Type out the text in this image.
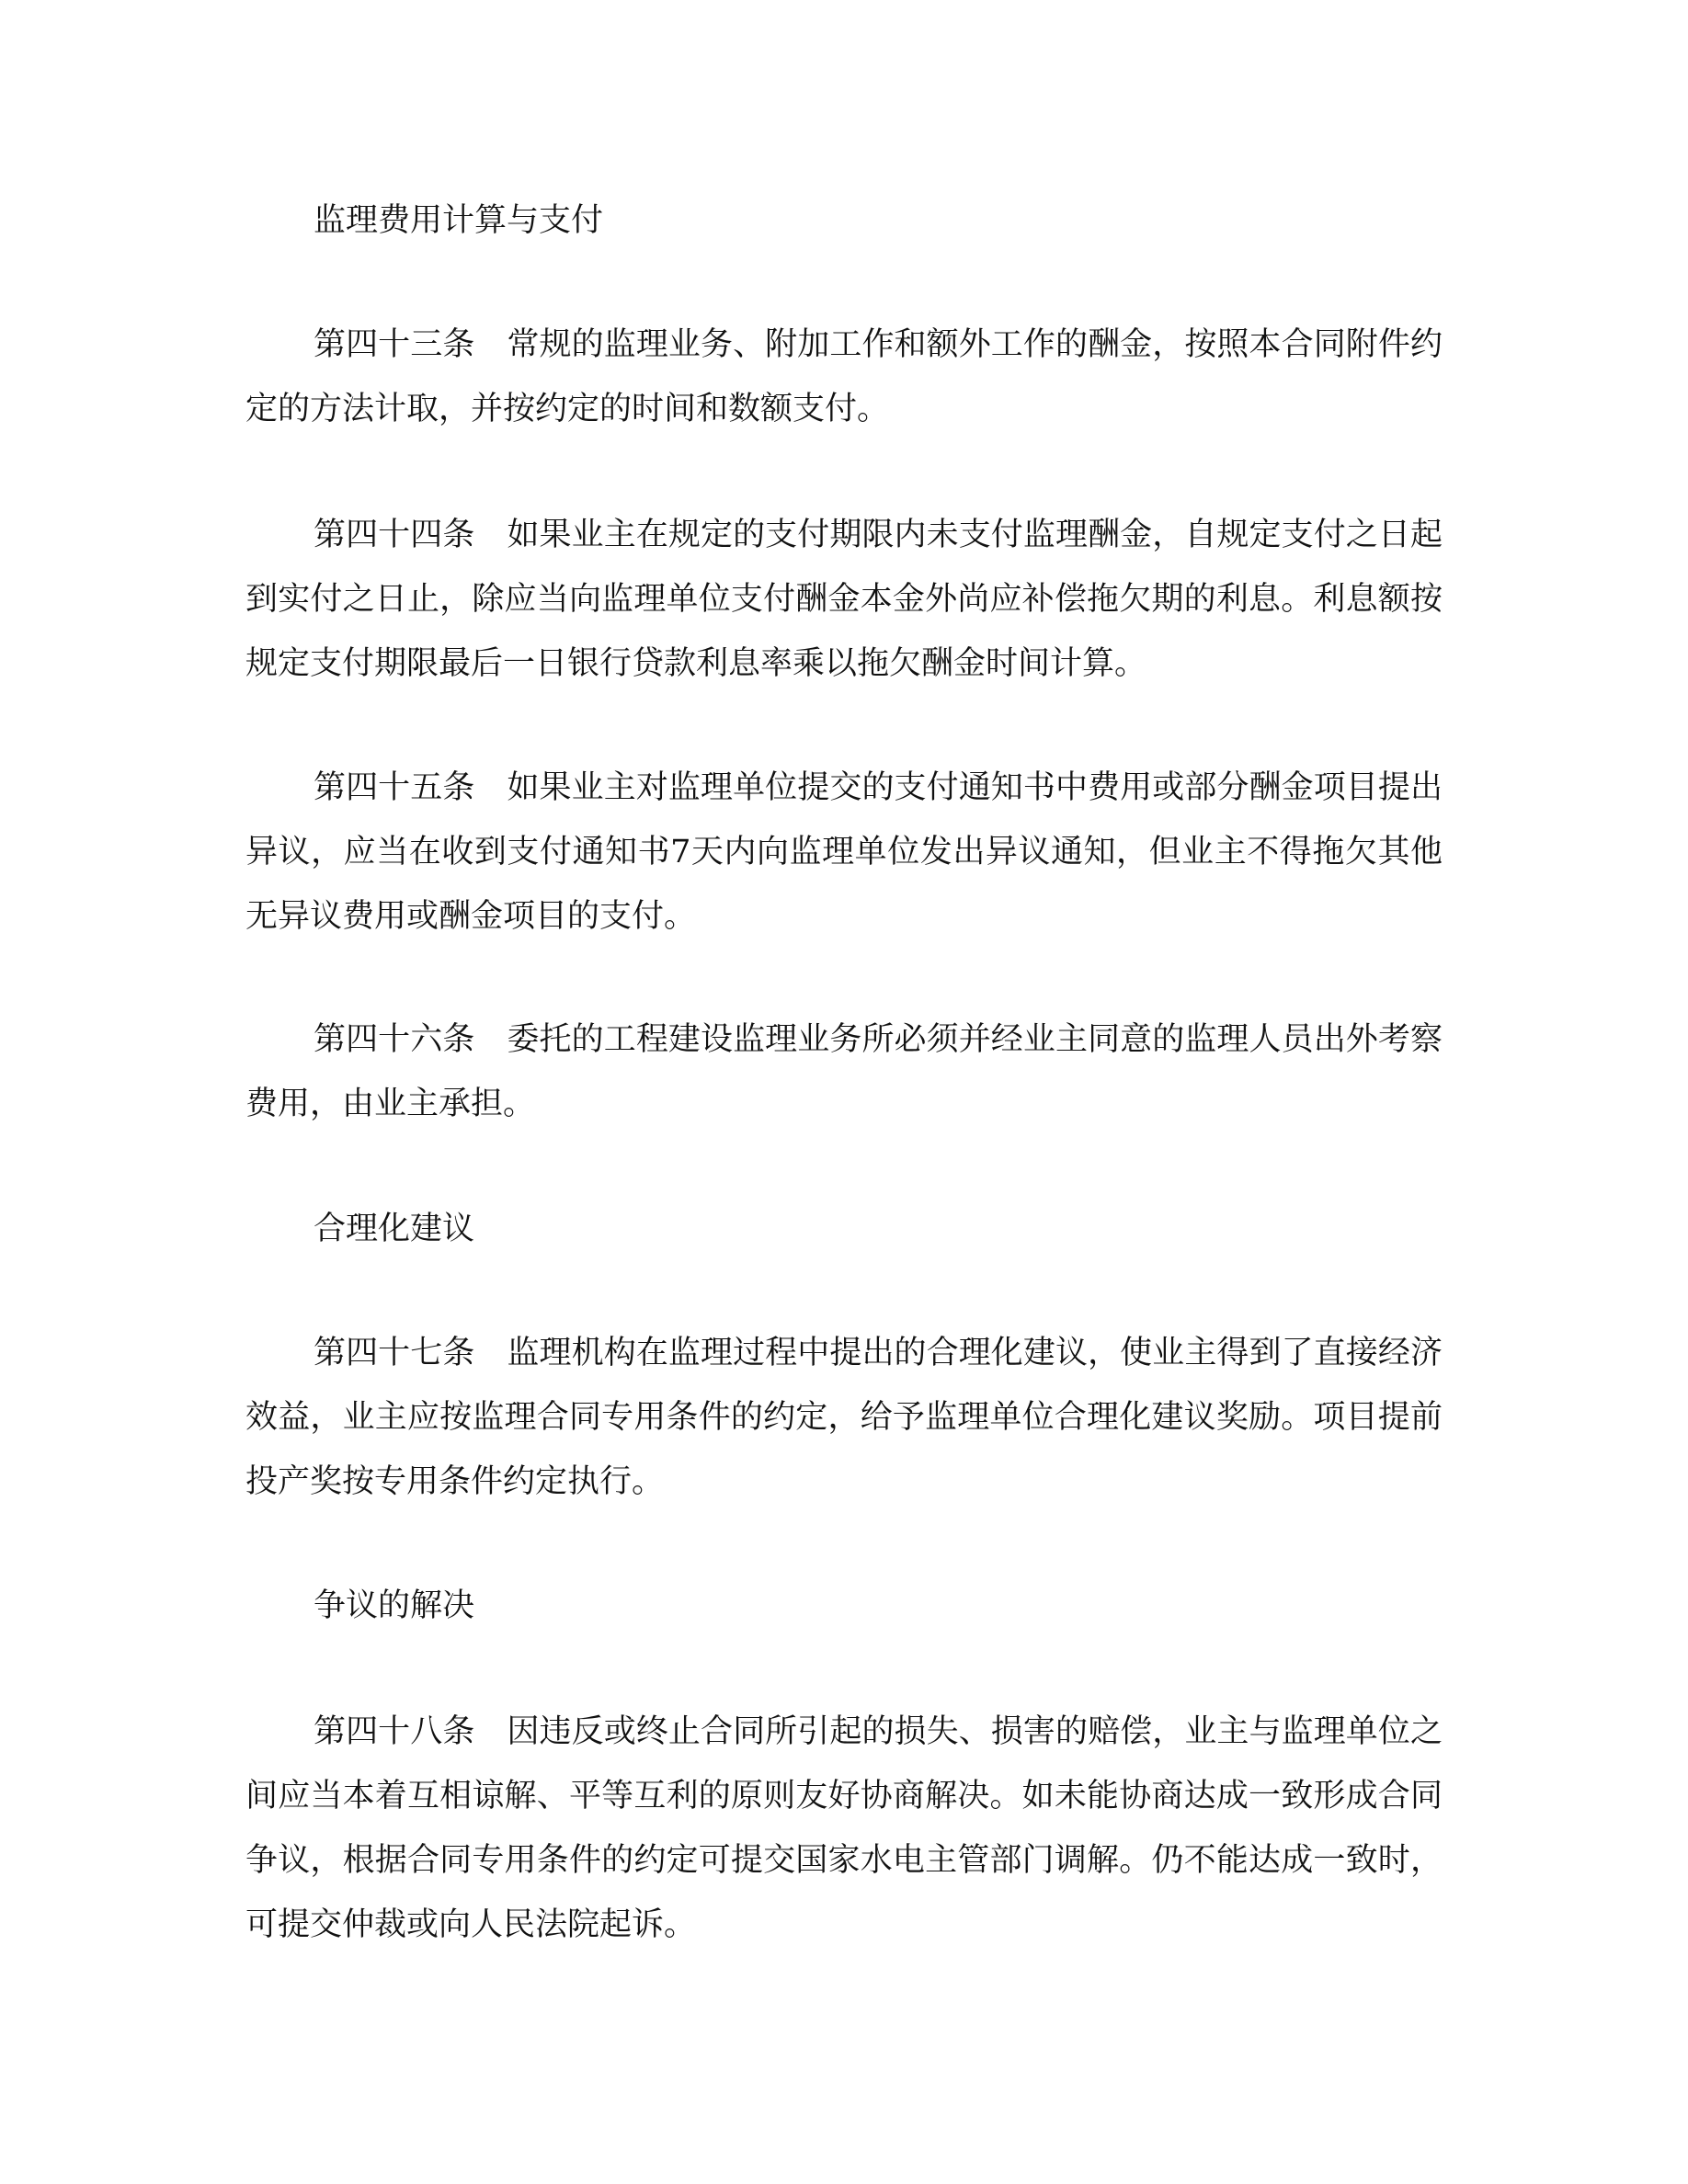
监理费用计算与支付

第四十三条 常规的监理业务、附加工作和额外工作的酬金，按照本合同附件约定的方法计取，并按约定的时间和数额支付。

第四十四条 如果业主在规定的支付期限内未支付监理酬金，自规定支付之日起到实付之日止，除应当向监理单位支付酬金本金外尚应补偿拖欠期的利息。利息额按规定支付期限最后一日银行贷款利息率乘以拖欠酬金时间计算。

第四十五条 如果业主对监理单位提交的支付通知书中费用或部分酬金项目提出异议，应当在收到支付通知书7天内向监理单位发出异议通知，但业主不得拖欠其他无异议费用或酬金项目的支付。

第四十六条 委托的工程建设监理业务所必须并经业主同意的监理人员出外考察费用，由业主承担。

合理化建议

第四十七条 监理机构在监理过程中提出的合理化建议，使业主得到了直接经济效益，业主应按监理合同专用条件的约定，给予监理单位合理化建议奖励。项目提前投产奖按专用条件约定执行。

争议的解决

第四十八条 因违反或终止合同所引起的损失、损害的赔偿，业主与监理单位之间应当本着互相谅解、平等互利的原则友好协商解决。如未能协商达成一致形成合同争议，根据合同专用条件的约定可提交国家水电主管部门调解。仍不能达成一致时，可提交仲裁或向人民法院起诉。
